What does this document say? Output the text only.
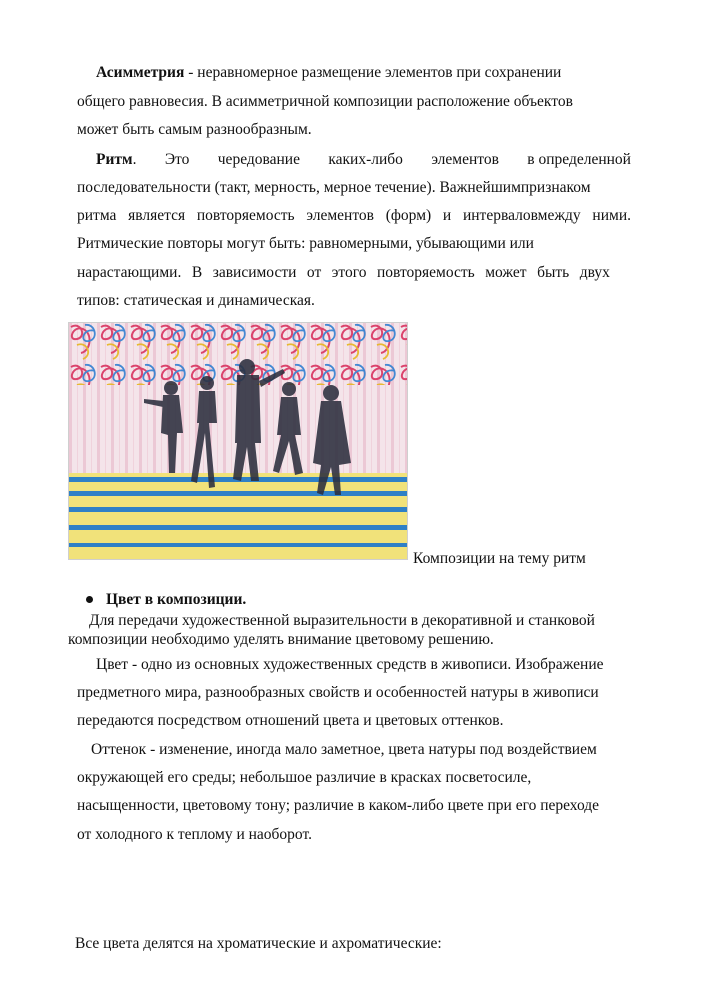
Асимметрия - неравномерное размещение элементов при сохранении
общего равновесия. В асимметричной композиции расположение объектов
может быть самым разнообразным.
Ритм. Это чередование каких-либо элементов в определенной
последовательности (такт, мерность, мерное течение). Важнейшимпризнаком
ритма является повторяемость элементов (форм) и интерваловмежду ними.
Ритмические повторы могут быть: равномерными, убывающими или
нарастающими. В зависимости от этого повторяемость может быть двух
типов: статическая и динамическая.
Композиции на тему ритм
Цвет в композиции.
Для передачи художественной выразительности в декоративной и станковой
композиции необходимо уделять внимание цветовому решению.
Цвет - одно из основных художественных средств в живописи. Изображение
предметного мира, разнообразных свойств и особенностей натуры в живописи
передаются посредством отношений цвета и цветовых оттенков.
Оттенок - изменение, иногда мало заметное, цвета натуры под воздействием
окружающей его среды; небольшое различие в красках посветосиле,
насыщенности, цветовому тону; различие в каком-либо цвете при его переходе
от холодного к теплому и наоборот.
Все цвета делятся на хроматические и ахроматические:
